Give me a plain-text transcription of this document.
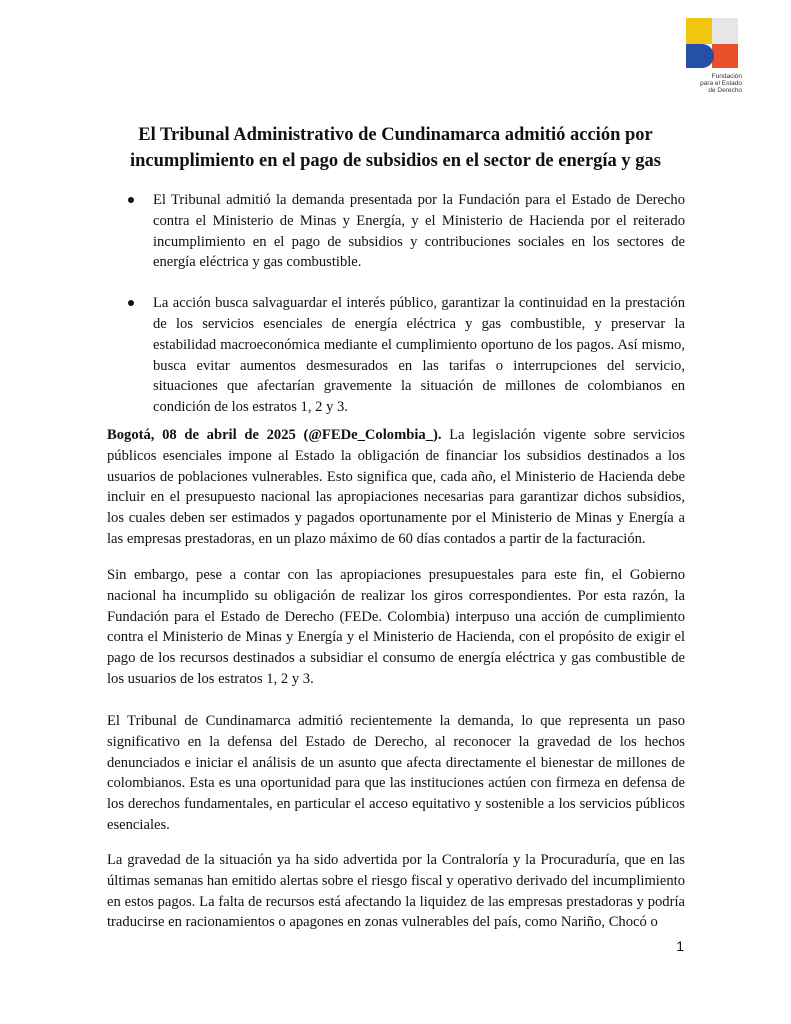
Fundación
para el Estado
de Derecho
El Tribunal Administrativo de Cundinamarca admitió acción por incumplimiento en el pago de subsidios en el sector de energía y gas
El Tribunal admitió la demanda presentada por la Fundación para el Estado de Derecho contra el Ministerio de Minas y Energía, y el Ministerio de Hacienda por el reiterado incumplimiento en el pago de subsidios y contribuciones sociales en los sectores de energía eléctrica y gas combustible.
La acción busca salvaguardar el interés público, garantizar la continuidad en la prestación de los servicios esenciales de energía eléctrica y gas combustible, y preservar la estabilidad macroeconómica mediante el cumplimiento oportuno de los pagos. Así mismo, busca evitar aumentos desmesurados en las tarifas o interrupciones del servicio, situaciones que afectarían gravemente la situación de millones de colombianos en condición de los estratos 1, 2 y 3.

Bogotá, 08 de abril de 2025 (@FEDe_Colombia_). La legislación vigente sobre servicios públicos esenciales impone al Estado la obligación de financiar los subsidios destinados a los usuarios de poblaciones vulnerables. Esto significa que, cada año, el Ministerio de Hacienda debe incluir en el presupuesto nacional las apropiaciones necesarias para garantizar dichos subsidios, los cuales deben ser estimados y pagados oportunamente por el Ministerio de Minas y Energía a las empresas prestadoras, en un plazo máximo de 60 días contados a partir de la facturación.

Sin embargo, pese a contar con las apropiaciones presupuestales para este fin, el Gobierno nacional ha incumplido su obligación de realizar los giros correspondientes. Por esta razón, la Fundación para el Estado de Derecho (FEDe. Colombia) interpuso una acción de cumplimiento contra el Ministerio de Minas y Energía y el Ministerio de Hacienda, con el propósito de exigir el pago de los recursos destinados a subsidiar el consumo de energía eléctrica y gas combustible de los usuarios de los estratos 1, 2 y 3.

El Tribunal de Cundinamarca admitió recientemente la demanda, lo que representa un paso significativo en la defensa del Estado de Derecho, al reconocer la gravedad de los hechos denunciados e iniciar el análisis de un asunto que afecta directamente el bienestar de millones de colombianos. Esta es una oportunidad para que las instituciones actúen con firmeza en defensa de los derechos fundamentales, en particular el acceso equitativo y sostenible a los servicios públicos esenciales.

La gravedad de la situación ya ha sido advertida por la Contraloría y la Procuraduría, que en las últimas semanas han emitido alertas sobre el riesgo fiscal y operativo derivado del incumplimiento en estos pagos. La falta de recursos está afectando la liquidez de las empresas prestadoras y podría traducirse en racionamientos o apagones en zonas vulnerables del país, como Nariño, Chocó o

1
